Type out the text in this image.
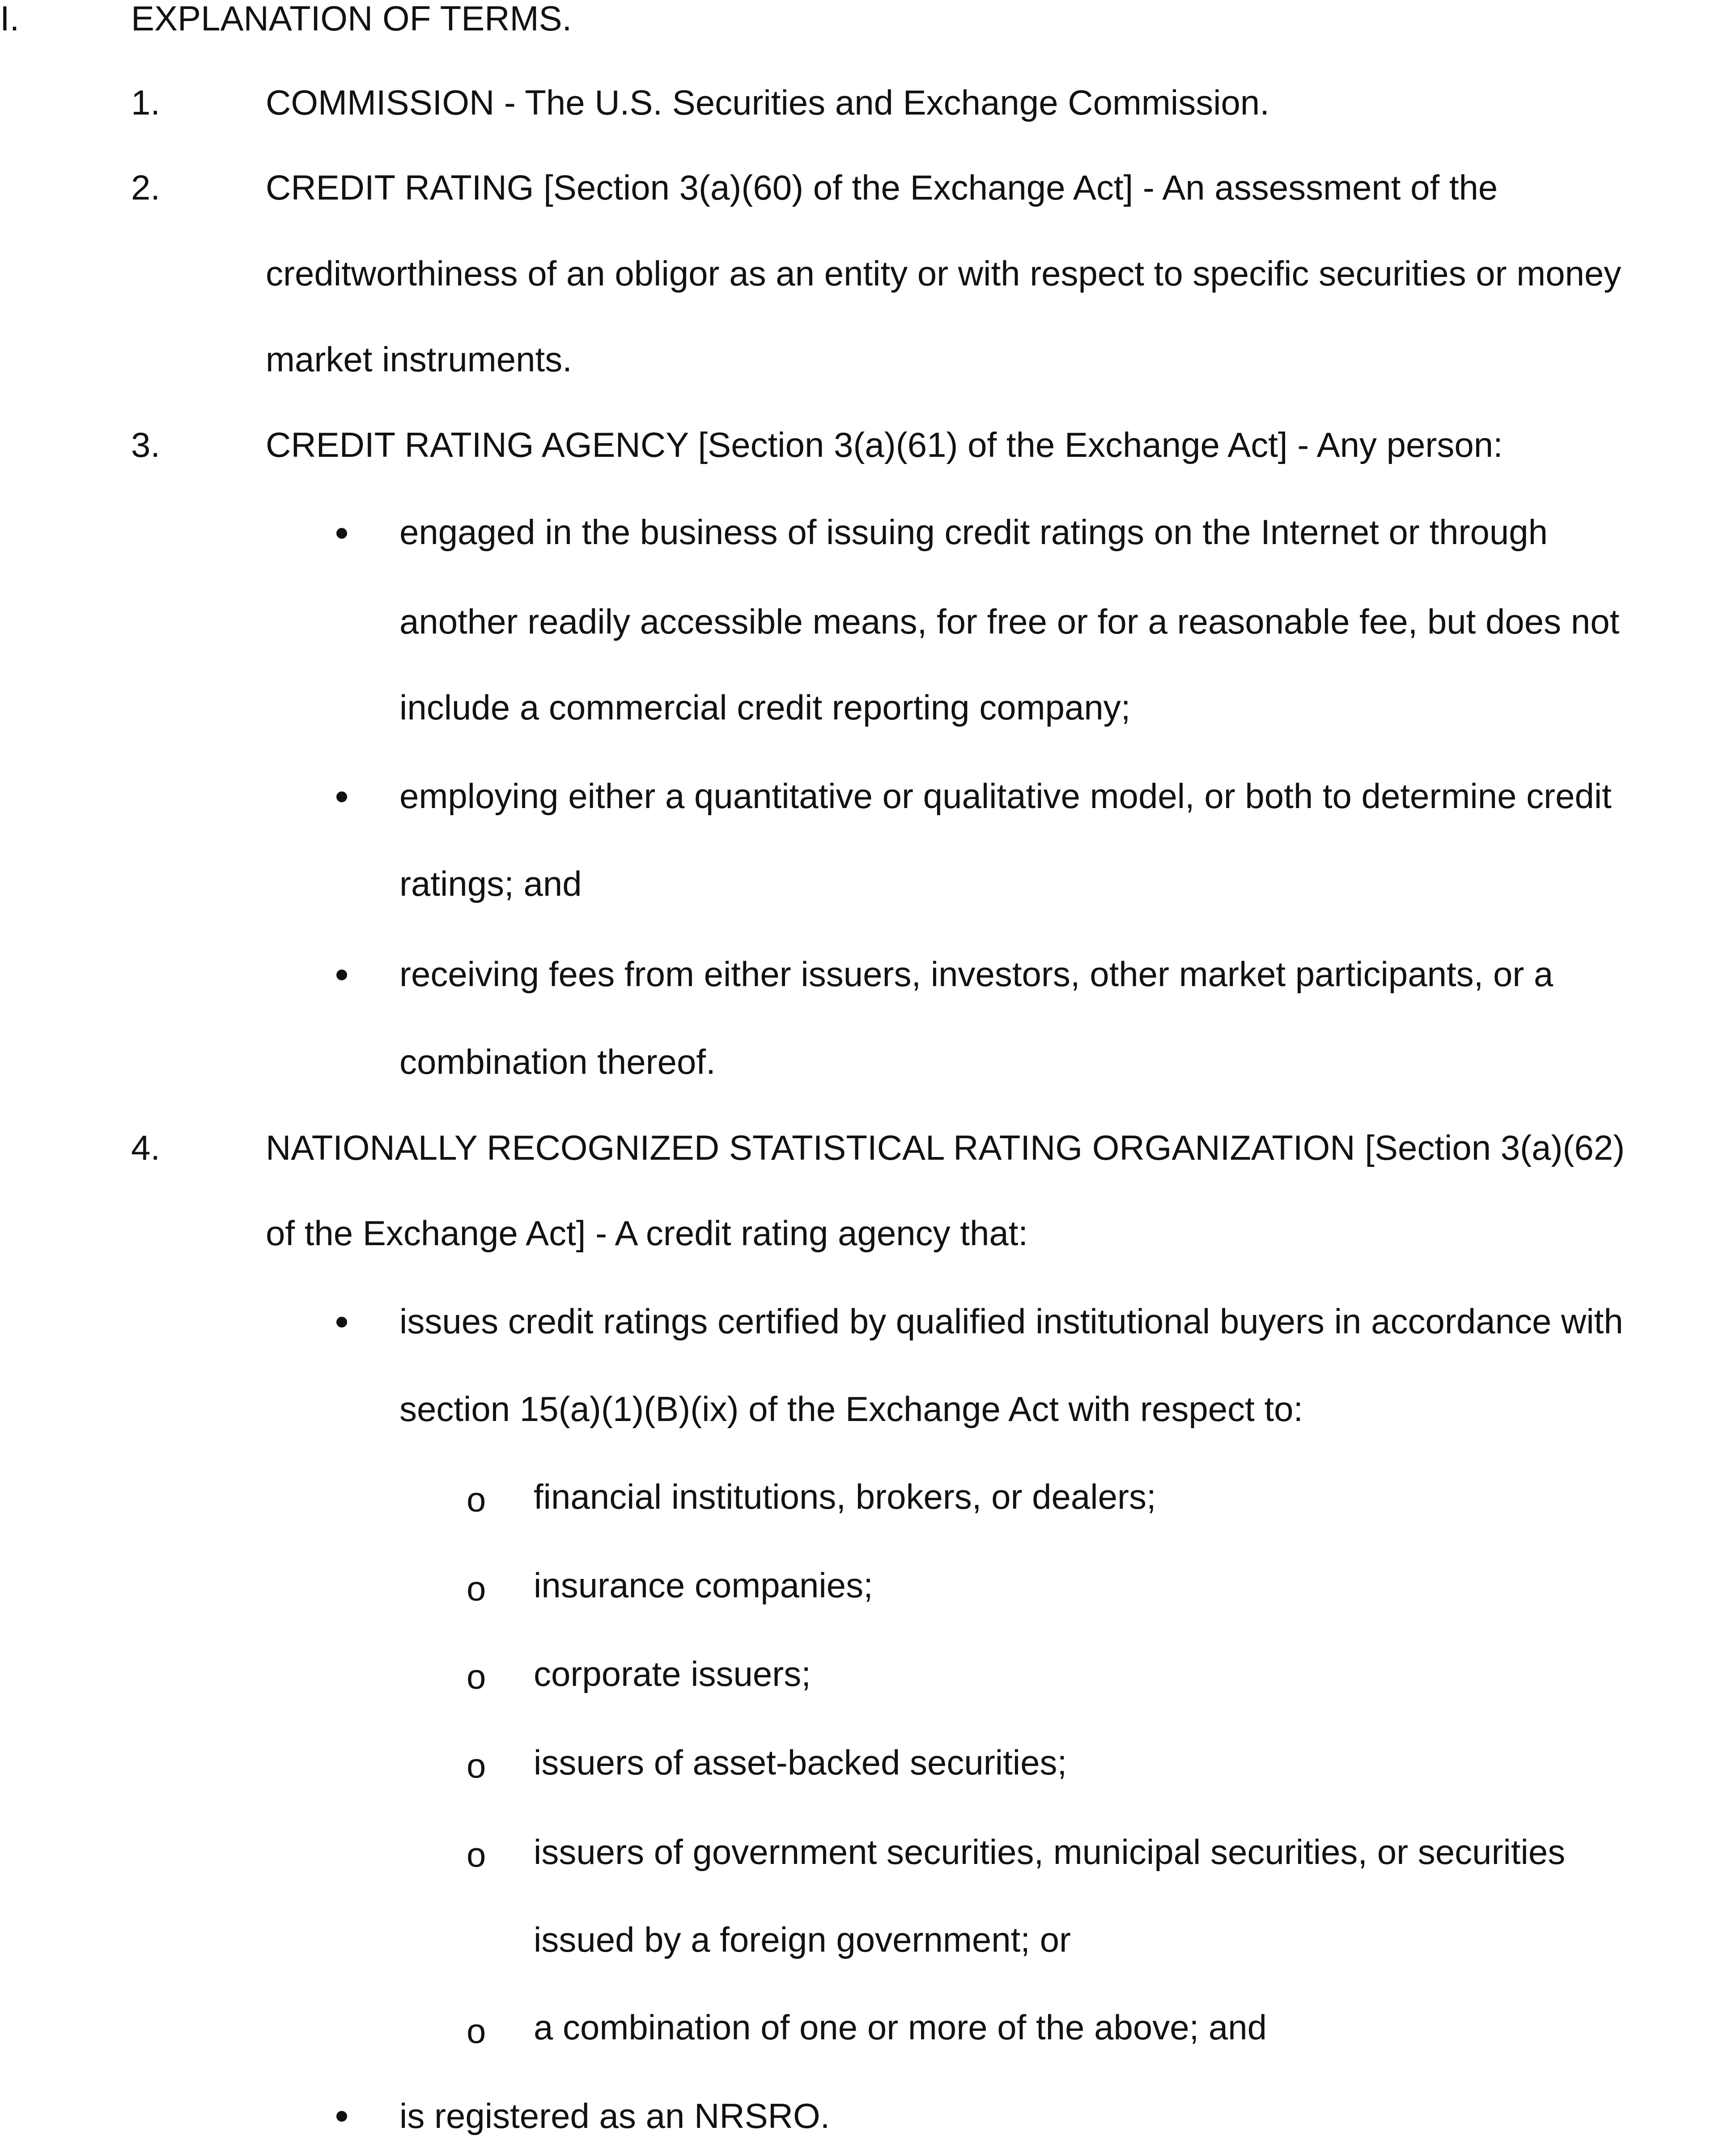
I.	EXPLANATION OF TERMS.
1.	COMMISSION - The U.S. Securities and Exchange Commission.
2.	CREDIT RATING [Section 3(a)(60) of the Exchange Act] - An assessment of the
creditworthiness of an obligor as an entity or with respect to specific securities or money
market instruments.
3.	CREDIT RATING AGENCY [Section 3(a)(61) of the Exchange Act] - Any person:
engaged in the business of issuing credit ratings on the Internet or through
another readily accessible means, for free or for a reasonable fee, but does not
include a commercial credit reporting company;
employing either a quantitative or qualitative model, or both to determine credit
ratings; and
receiving fees from either issuers, investors, other market participants, or a
combination thereof.
4.	NATIONALLY RECOGNIZED STATISTICAL RATING ORGANIZATION [Section 3(a)(62)
of the Exchange Act] - A credit rating agency that:
issues credit ratings certified by qualified institutional buyers in accordance with
section 15(a)(1)(B)(ix) of the Exchange Act with respect to:
o financial institutions, brokers, or dealers;
o insurance companies;
o corporate issuers;
o issuers of asset-backed securities;
o issuers of government securities, municipal securities, or securities
issued by a foreign government; or
o a combination of one or more of the above; and
is registered as an NRSRO.
